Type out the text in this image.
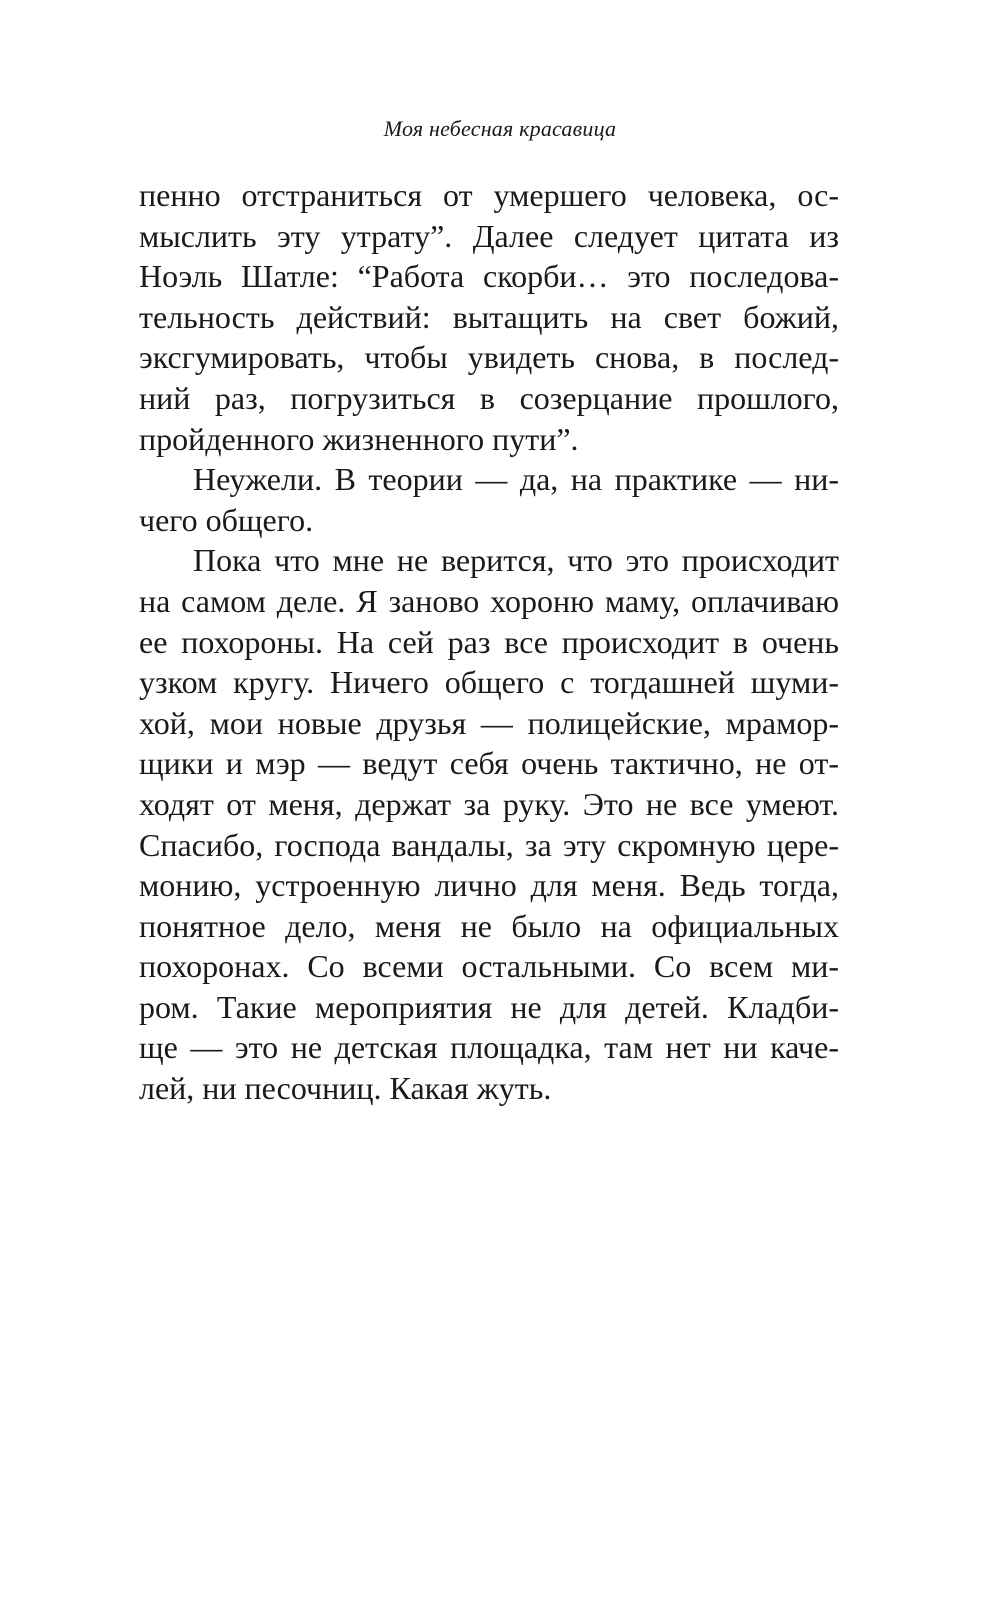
Моя небесная красавица
пенно отстраниться от умершего человека, ос-
мыслить эту утрату”. Далее следует цитата из
Ноэль Шатле: “Работа скорби… это последова-
тельность действий: вытащить на свет божий,
эксгумировать, чтобы увидеть снова, в послед-
ний раз, погрузиться в созерцание прошлого,
пройденного жизненного пути”.
Неужели. В теории — да, на практике — ни-
чего общего.
Пока что мне не верится, что это происходит
на самом деле. Я заново хороню маму, оплачиваю
ее похороны. На сей раз все происходит в очень
узком кругу. Ничего общего с тогдашней шуми-
хой, мои новые друзья — полицейские, мрамор-
щики и мэр — ведут себя очень тактично, не от-
ходят от меня, держат за руку. Это не все умеют.
Спасибо, господа вандалы, за эту скромную цере-
монию, устроенную лично для меня. Ведь тогда,
понятное дело, меня не было на официальных
похоронах. Со всеми остальными. Со всем ми-
ром. Такие мероприятия не для детей. Кладби-
ще — это не детская площадка, там нет ни каче-
лей, ни песочниц. Какая жуть.
